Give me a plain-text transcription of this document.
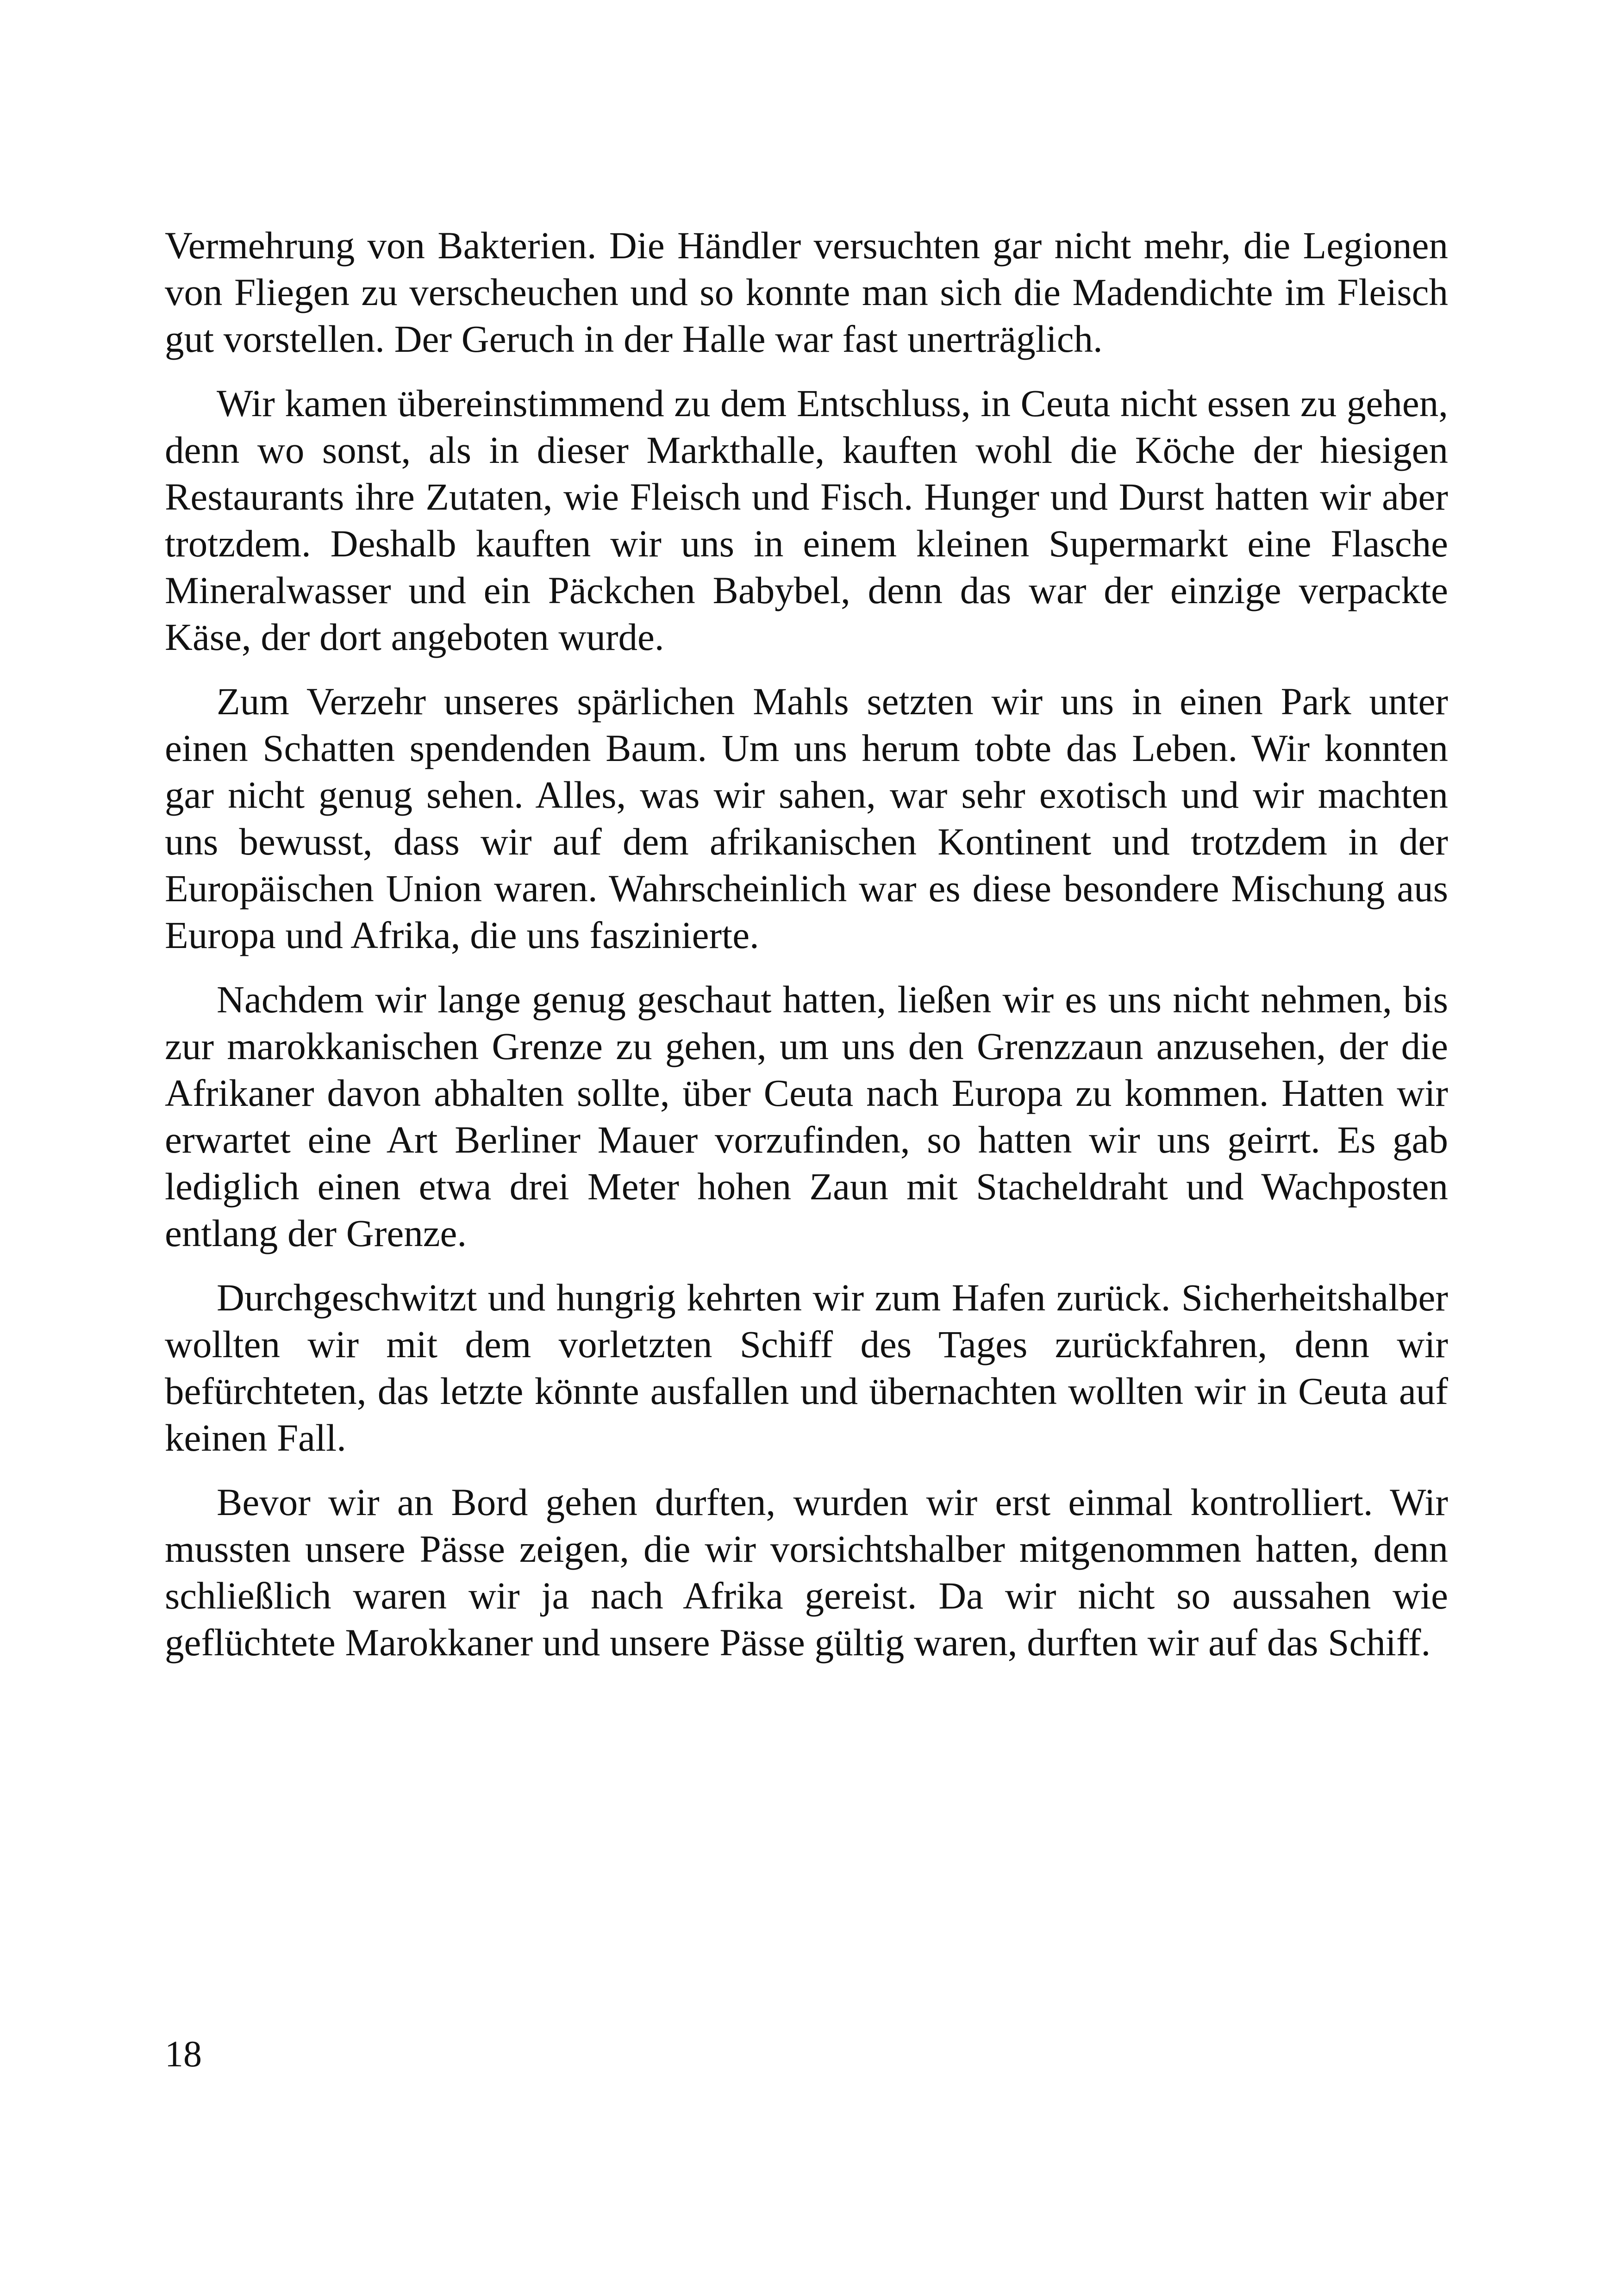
Vermehrung von Bakterien. Die Händler versuchten gar nicht mehr, die Legionen von Fliegen zu verscheuchen und so konnte man sich die Madendichte im Fleisch gut vorstellen. Der Geruch in der Halle war fast unerträglich.

Wir kamen übereinstimmend zu dem Entschluss, in Ceuta nicht essen zu gehen, denn wo sonst, als in dieser Markthalle, kauften wohl die Köche der hiesigen Restaurants ihre Zutaten, wie Fleisch und Fisch. Hunger und Durst hatten wir aber trotzdem. Deshalb kauften wir uns in einem kleinen Supermarkt eine Flasche Mineralwasser und ein Päckchen Babybel, denn das war der einzige verpackte Käse, der dort angeboten wurde.

Zum Verzehr unseres spärlichen Mahls setzten wir uns in einen Park unter einen Schatten spendenden Baum. Um uns herum tobte das Leben. Wir konnten gar nicht genug sehen. Alles, was wir sahen, war sehr exotisch und wir machten uns bewusst, dass wir auf dem afrikanischen Kontinent und trotzdem in der Europäischen Union waren. Wahrscheinlich war es diese besondere Mischung aus Europa und Afrika, die uns faszinierte.

Nachdem wir lange genug geschaut hatten, ließen wir es uns nicht nehmen, bis zur marokkanischen Grenze zu gehen, um uns den Grenzzaun anzusehen, der die Afrikaner davon abhalten sollte, über Ceuta nach Europa zu kommen. Hatten wir erwartet eine Art Berliner Mauer vorzufinden, so hatten wir uns geirrt. Es gab lediglich einen etwa drei Meter hohen Zaun mit Stacheldraht und Wachposten entlang der Grenze.

Durchgeschwitzt und hungrig kehrten wir zum Hafen zurück. Sicherheitshalber wollten wir mit dem vorletzten Schiff des Tages zurückfahren, denn wir befürchteten, das letzte könnte ausfallen und übernachten wollten wir in Ceuta auf keinen Fall.

Bevor wir an Bord gehen durften, wurden wir erst einmal kontrolliert. Wir mussten unsere Pässe zeigen, die wir vorsichtshalber mitgenommen hatten, denn schließlich waren wir ja nach Afrika gereist. Da wir nicht so aussahen wie geflüchtete Marokkaner und unsere Pässe gültig waren, durften wir auf das Schiff.

18
